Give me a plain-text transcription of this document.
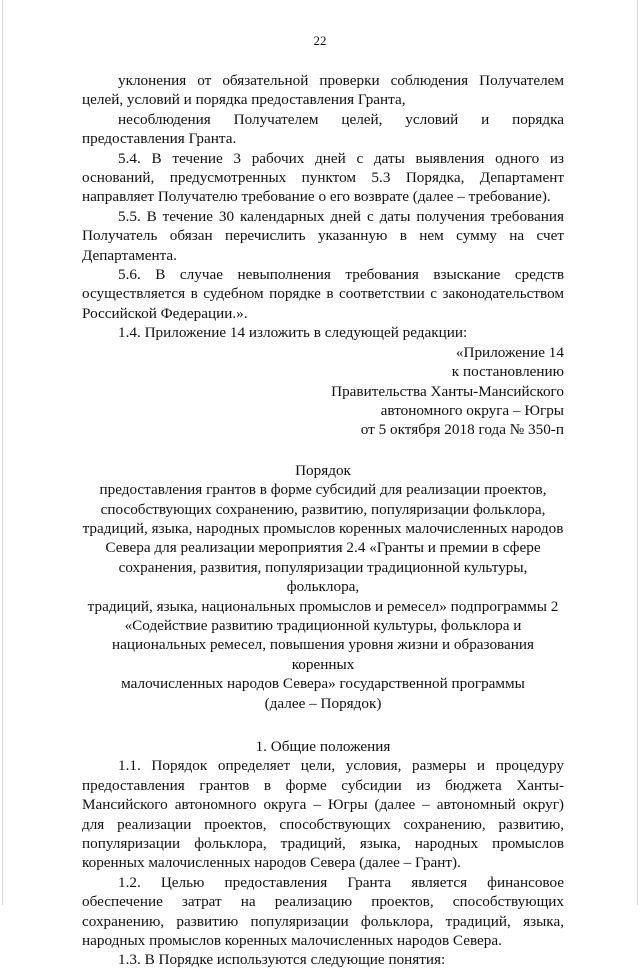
22

уклонения от обязательной проверки соблюдения Получателем целей, условий и порядка предоставления Гранта,

несоблюдения Получателем целей, условий и порядка предоставления Гранта.

5.4. В течение 3 рабочих дней с даты выявления одного из оснований, предусмотренных пунктом 5.3 Порядка, Департамент направляет Получателю требование о его возврате (далее – требование).

5.5. В течение 30 календарных дней с даты получения требования Получатель обязан перечислить указанную в нем сумму на счет Департамента.

5.6. В случае невыполнения требования взыскание средств осуществляется в судебном порядке в соответствии с законодательством Российской Федерации.».

1.4. Приложение 14 изложить в следующей редакции:

«Приложение 14
к постановлению
Правительства Ханты-Мансийского
автономного округа – Югры
от 5 октября 2018 года № 350-п
Порядок
предоставления грантов в форме субсидий для реализации проектов,
способствующих сохранению, развитию, популяризации фольклора,
традиций, языка, народных промыслов коренных малочисленных народов
Севера для реализации мероприятия 2.4 «Гранты и премии в сфере
сохранения, развития, популяризации традиционной культуры, фольклора,
традиций, языка, национальных промыслов и ремесел» подпрограммы 2
«Содействие развитию традиционной культуры, фольклора и
национальных ремесел, повышения уровня жизни и образования коренных
малочисленных народов Севера» государственной программы
(далее – Порядок)
1. Общие положения

1.1. Порядок определяет цели, условия, размеры и процедуру предоставления грантов в форме субсидии из бюджета Ханты-Мансийского автономного округа – Югры (далее – автономный округ) для реализации проектов, способствующих сохранению, развитию, популяризации фольклора, традиций, языка, народных промыслов коренных малочисленных народов Севера (далее – Грант).

1.2. Целью предоставления Гранта является финансовое обеспечение затрат на реализацию проектов, способствующих сохранению, развитию популяризации фольклора, традиций, языка, народных промыслов коренных малочисленных народов Севера.

1.3. В Порядке используются следующие понятия:
